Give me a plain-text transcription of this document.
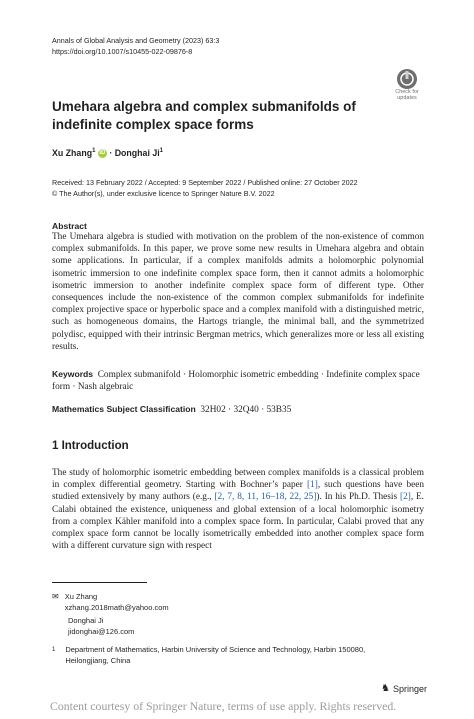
Annals of Global Analysis and Geometry (2023) 63:3
https://doi.org/10.1007/s10455-022-09876-8
Check for
updates
Umehara algebra and complex submanifolds of indefinite complex space forms
Xu Zhang$^1$ iD · Donghai Ji$^1$
Received: 13 February 2022 / Accepted: 9 September 2022 / Published online: 27 October 2022
© The Author(s), under exclusive licence to Springer Nature B.V. 2022
Abstract
The Umehara algebra is studied with motivation on the problem of the non-existence of common complex submanifolds. In this paper, we prove some new results in Umehara algebra and obtain some applications. In particular, if a complex manifolds admits a holomorphic polynomial isometric immersion to one indefinite complex space form, then it cannot admits a holomorphic isometric immersion to another indefinite complex space form of different type. Other consequences include the non-existence of the common complex submanifolds for indefinite complex projective space or hyperbolic space and a complex manifold with a distinguished metric, such as homogeneous domains, the Hartogs triangle, the minimal ball, and the symmetrized polydisc, equipped with their intrinsic Bergman metrics, which generalizes more or less all existing results.
Keywords Complex submanifold · Holomorphic isometric embedding · Indefinite complex space form · Nash algebraic
Mathematics Subject Classification 32H02 · 32Q40 · 53B35
1 Introduction
The study of holomorphic isometric embedding between complex manifolds is a classical problem in complex differential geometry. Starting with Bochner’s paper [1], such questions have been studied extensively by many authors (e.g., [2, 7, 8, 11, 16–18, 22, 25]). In his Ph.D. Thesis [2], E. Calabi obtained the existence, uniqueness and global extension of a local holomorphic isometry from a complex Kähler manifold into a complex space form. In particular, Calabi proved that any complex space form cannot be locally isometrically embedded into another complex space form with a different curvature sign with respect
✉ Xu Zhang
xzhang.2018math@yahoo.com
Donghai Ji
jidonghai@126.com
1 Department of Mathematics, Harbin University of Science and Technology, Harbin 150080, Heilongjiang, China
♞ Springer
Content courtesy of Springer Nature, terms of use apply. Rights reserved.
